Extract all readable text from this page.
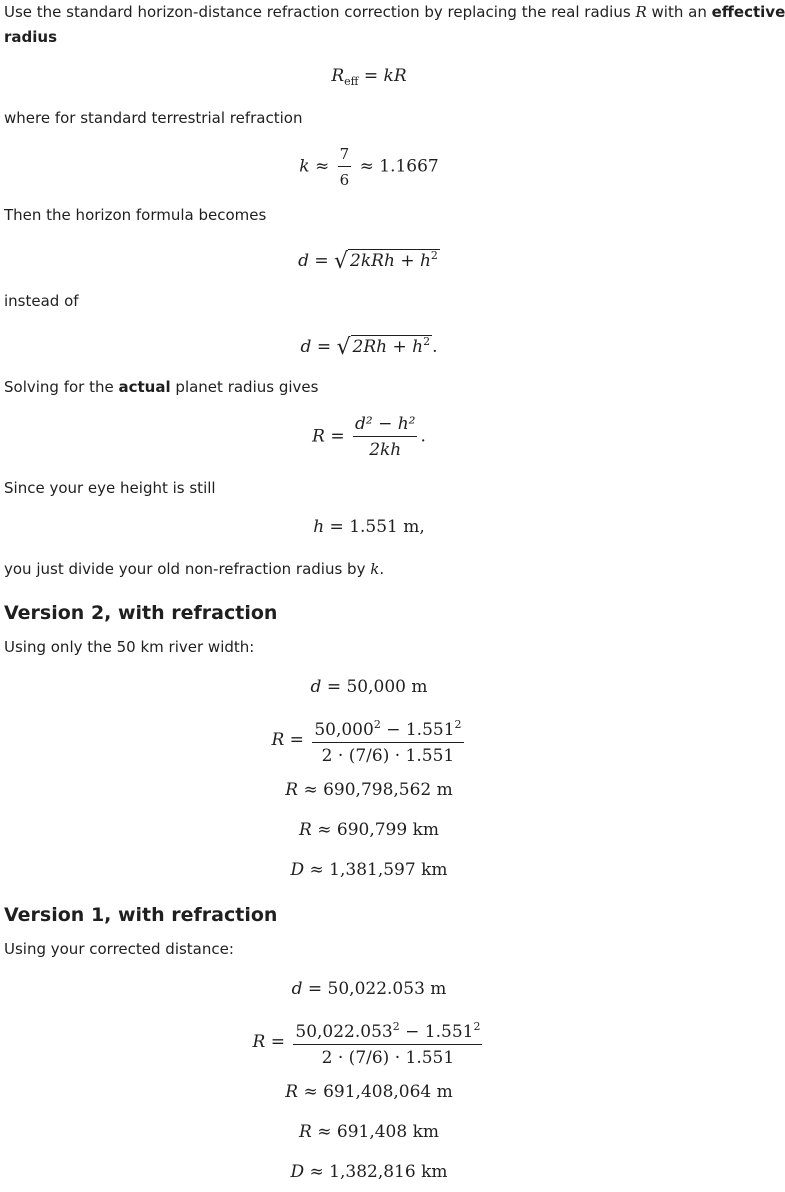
Use the standard horizon-distance refraction correction by replacing the real radius R with an effective
radius
$R_{eff}$ = kR
where for standard terrestrial refraction
$k \approx \frac{7}{6} \approx 1.1667$
Then the horizon formula becomes
d = √ $2kRh + h^2$
instead of
d = √ $2Rh + h^2$ .
Solving for the actual planet radius gives
$R = \frac{\text{d² − h²}}{2kh}$ .
Since your eye height is still
h = 1.551 m,
you just divide your old non-refraction radius by k.
Version 2, with refraction
Using only the 50 km river width:
d = 50,000 m
$R = \frac{50,000^2 - 1.551^2}{2 \cdot (7/6) \cdot 1.551}$
R ≈ 690,798,562 m
R ≈ 690,799 km
D ≈ 1,381,597 km
Version 1, with refraction
Using your corrected distance:
d = 50,022.053 m
$R = \frac{50,022.053^2 - 1.551^2}{2 \cdot (7/6) \cdot 1.551}$
R ≈ 691,408,064 m
R ≈ 691,408 km
D ≈ 1,382,816 km
